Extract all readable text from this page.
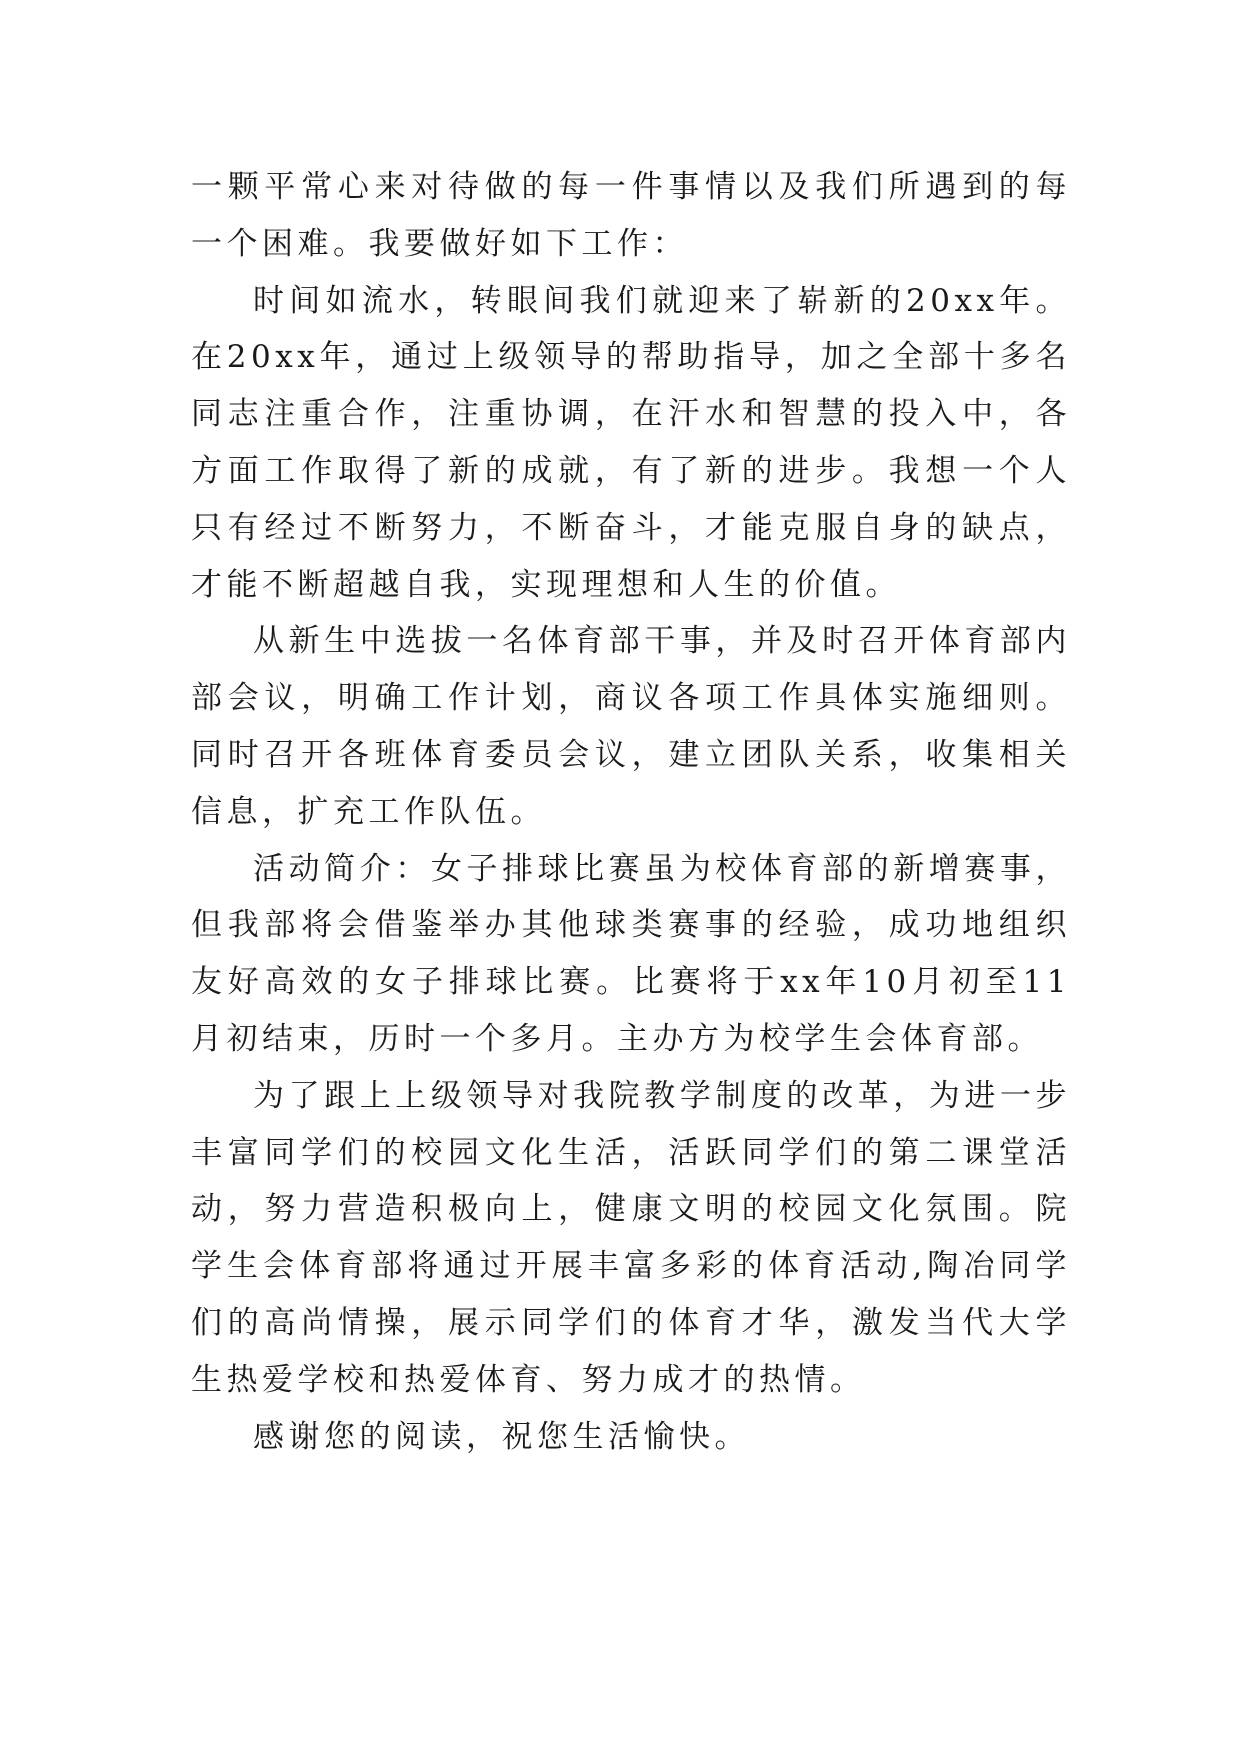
一颗平常心来对待做的每一件事情以及我们所遇到的每一个困难。我要做好如下工作：

时间如流水，转眼间我们就迎来了崭新的20xx年。在20xx年，通过上级领导的帮助指导，加之全部十多名同志注重合作，注重协调，在汗水和智慧的投入中，各方面工作取得了新的成就，有了新的进步。我想一个人只有经过不断努力，不断奋斗，才能克服自身的缺点，才能不断超越自我，实现理想和人生的价值。

从新生中选拔一名体育部干事，并及时召开体育部内部会议，明确工作计划，商议各项工作具体实施细则。同时召开各班体育委员会议，建立团队关系，收集相关信息，扩充工作队伍。

活动简介：女子排球比赛虽为校体育部的新增赛事，但我部将会借鉴举办其他球类赛事的经验，成功地组织友好高效的女子排球比赛。比赛将于xx年10月初至11月初结束，历时一个多月。主办方为校学生会体育部。

为了跟上上级领导对我院教学制度的改革，为进一步丰富同学们的校园文化生活，活跃同学们的第二课堂活动，努力营造积极向上，健康文明的校园文化氛围。院学生会体育部将通过开展丰富多彩的体育活动,陶冶同学们的高尚情操，展示同学们的体育才华，激发当代大学生热爱学校和热爱体育、努力成才的热情。

感谢您的阅读，祝您生活愉快。
